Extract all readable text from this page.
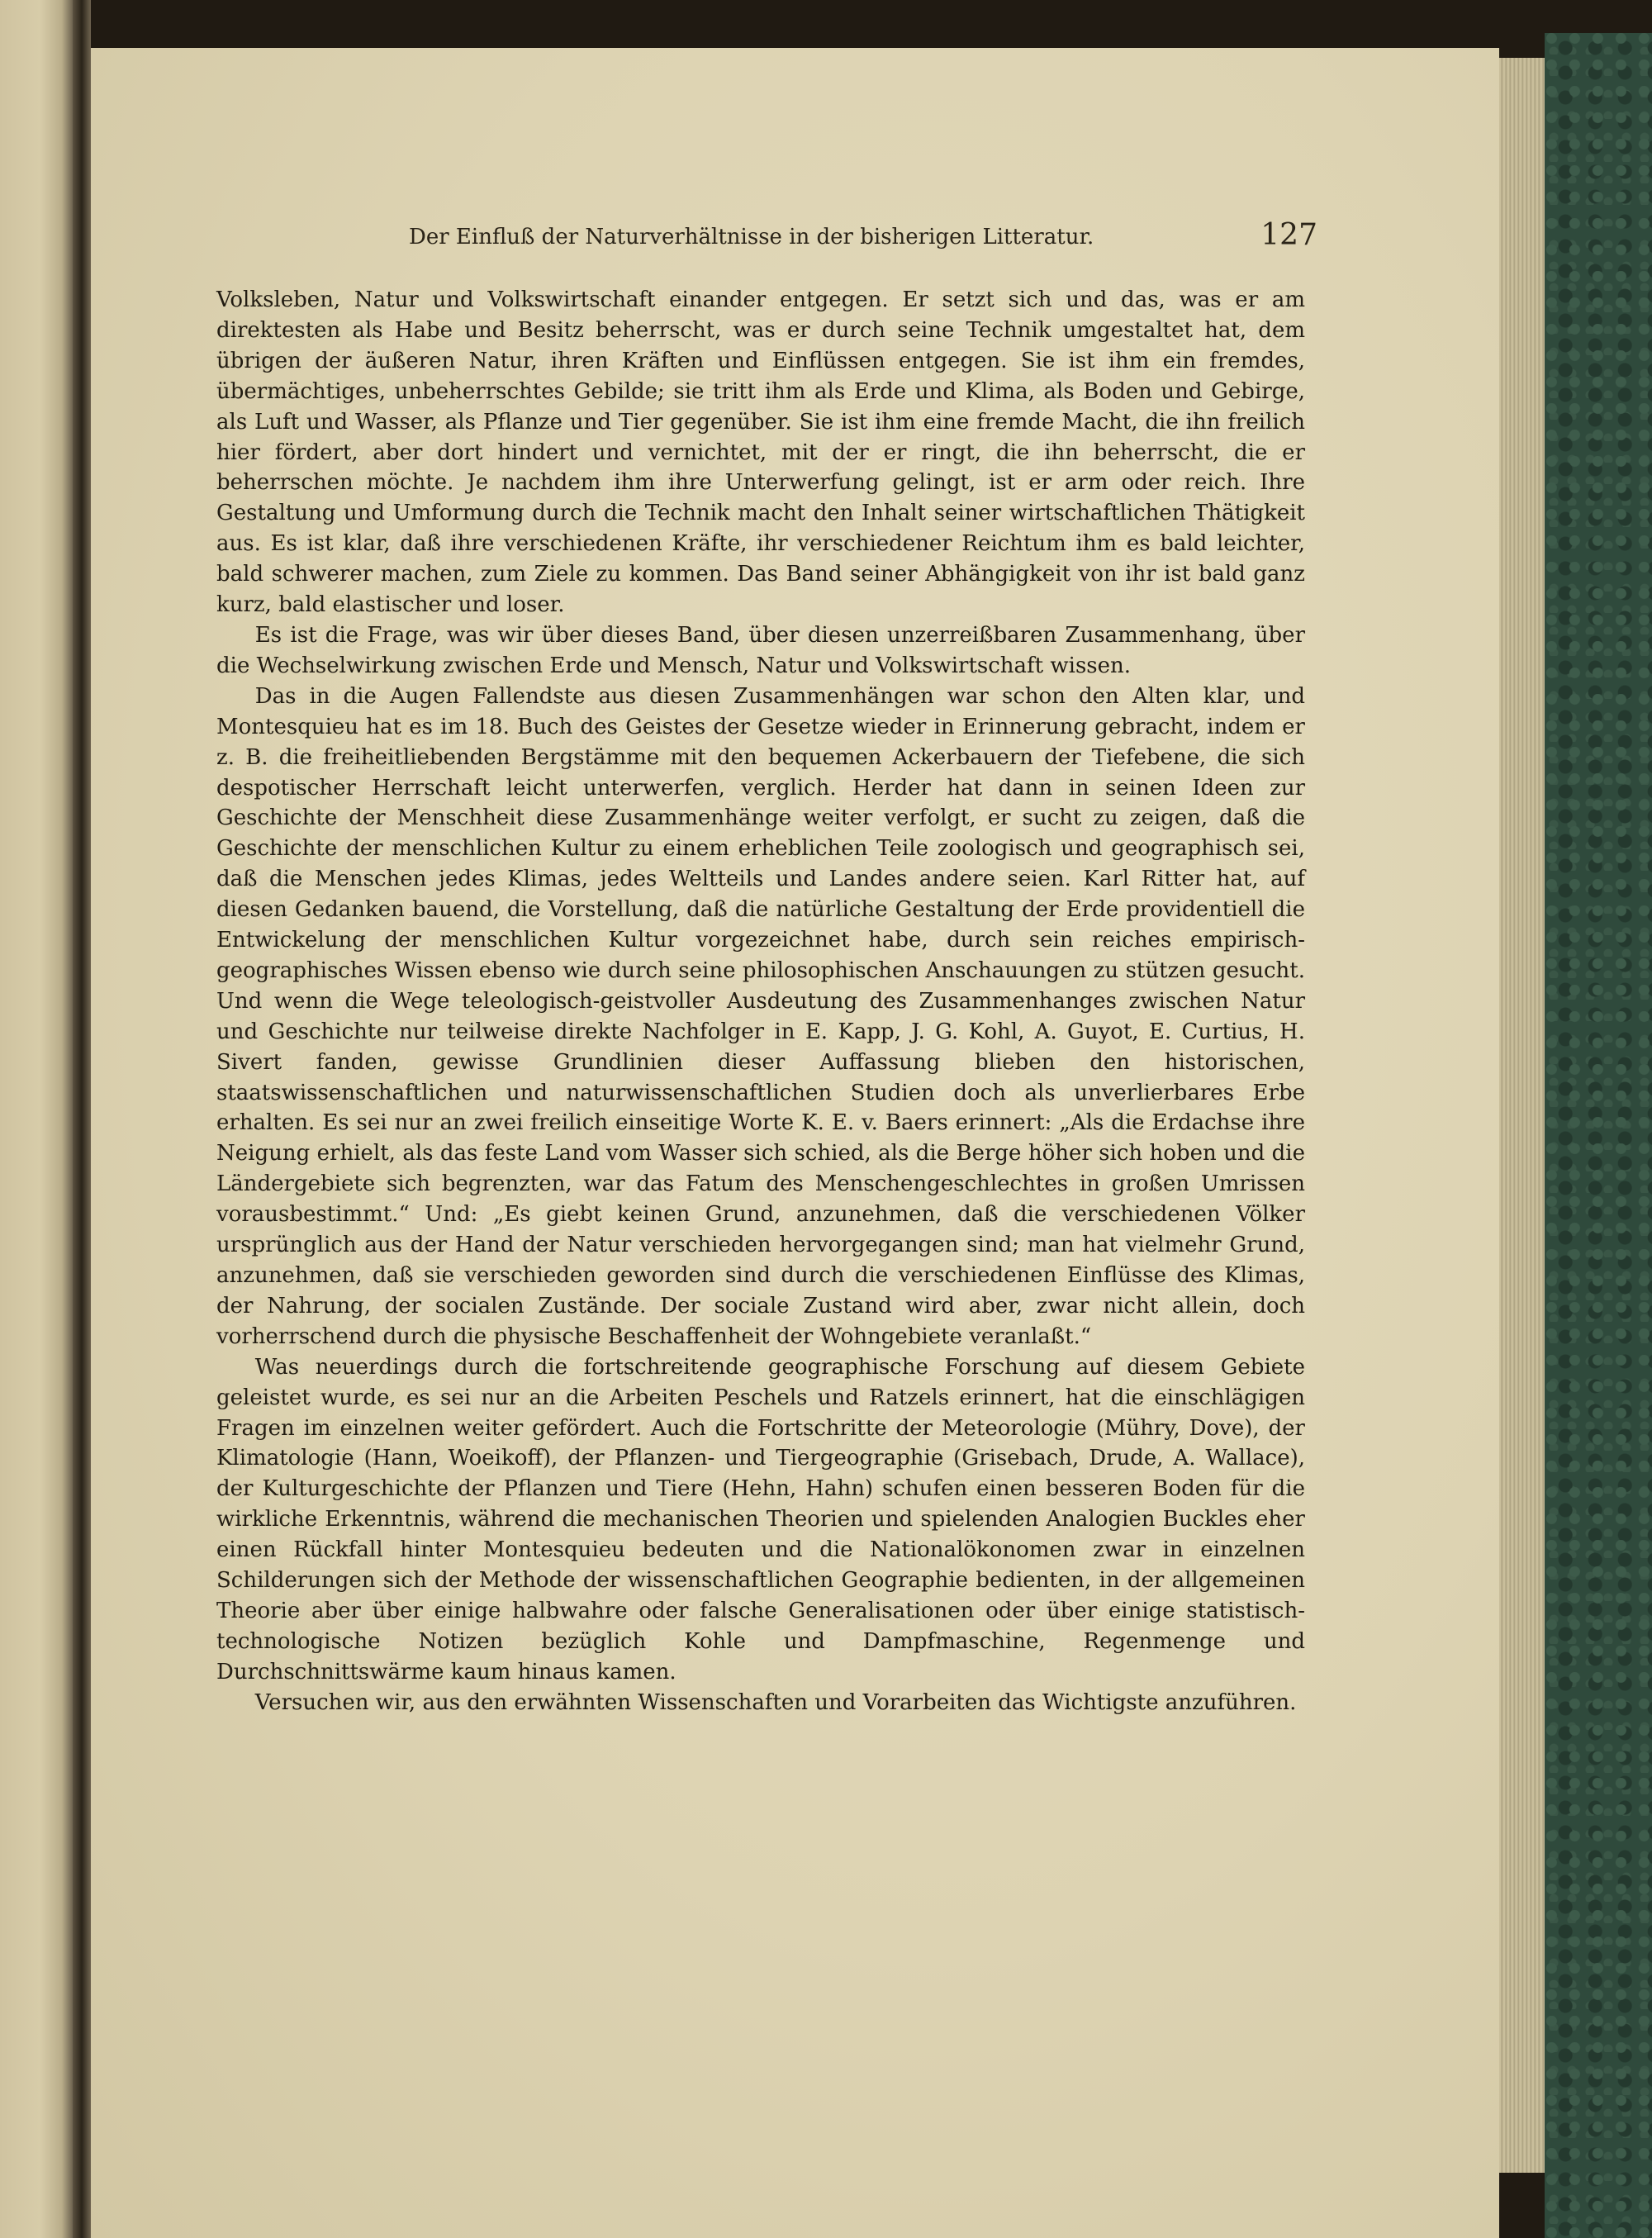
Der Einfluß der Naturverhältnisse in der bisherigen Litteratur.	127

Volksleben, Natur und Volkswirtschaft einander entgegen. Er setzt sich und das, was er am direktesten als Habe und Besitz beherrscht, was er durch seine Technik umgestaltet hat, dem übrigen der äußeren Natur, ihren Kräften und Einflüssen entgegen. Sie ist ihm ein fremdes, übermächtiges, unbeherrschtes Gebilde; sie tritt ihm als Erde und Klima, als Boden und Gebirge, als Luft und Wasser, als Pflanze und Tier gegenüber. Sie ist ihm eine fremde Macht, die ihn freilich hier fördert, aber dort hindert und vernichtet, mit der er ringt, die ihn beherrscht, die er beherrschen möchte. Je nachdem ihm ihre Unterwerfung gelingt, ist er arm oder reich. Ihre Gestaltung und Umformung durch die Technik macht den Inhalt seiner wirtschaftlichen Thätigkeit aus. Es ist klar, daß ihre verschiedenen Kräfte, ihr verschiedener Reichtum ihm es bald leichter, bald schwerer machen, zum Ziele zu kommen. Das Band seiner Abhängigkeit von ihr ist bald ganz kurz, bald elastischer und loser.

Es ist die Frage, was wir über dieses Band, über diesen unzerreißbaren Zusammenhang, über die Wechselwirkung zwischen Erde und Mensch, Natur und Volkswirtschaft wissen.

Das in die Augen Fallendste aus diesen Zusammenhängen war schon den Alten klar, und Montesquieu hat es im 18. Buch des Geistes der Gesetze wieder in Erinnerung gebracht, indem er z. B. die freiheitliebenden Bergstämme mit den bequemen Ackerbauern der Tiefebene, die sich despotischer Herrschaft leicht unterwerfen, verglich. Herder hat dann in seinen Ideen zur Geschichte der Menschheit diese Zusammenhänge weiter verfolgt, er sucht zu zeigen, daß die Geschichte der menschlichen Kultur zu einem erheblichen Teile zoologisch und geographisch sei, daß die Menschen jedes Klimas, jedes Weltteils und Landes andere seien. Karl Ritter hat, auf diesen Gedanken bauend, die Vorstellung, daß die natürliche Gestaltung der Erde providentiell die Entwickelung der menschlichen Kultur vorgezeichnet habe, durch sein reiches empirisch-geographisches Wissen ebenso wie durch seine philosophischen Anschauungen zu stützen gesucht. Und wenn die Wege teleologisch-geistvoller Ausdeutung des Zusammenhanges zwischen Natur und Geschichte nur teilweise direkte Nachfolger in E. Kapp, J. G. Kohl, A. Guyot, E. Curtius, H. Sivert fanden, gewisse Grundlinien dieser Auffassung blieben den historischen, staatswissenschaftlichen und naturwissenschaftlichen Studien doch als unverlierbares Erbe erhalten. Es sei nur an zwei freilich einseitige Worte K. E. v. Baers erinnert: „Als die Erdachse ihre Neigung erhielt, als das feste Land vom Wasser sich schied, als die Berge höher sich hoben und die Ländergebiete sich begrenzten, war das Fatum des Menschengeschlechtes in großen Umrissen vorausbestimmt.“ Und: „Es giebt keinen Grund, anzunehmen, daß die verschiedenen Völker ursprünglich aus der Hand der Natur verschieden hervorgegangen sind; man hat vielmehr Grund, anzunehmen, daß sie verschieden geworden sind durch die verschiedenen Einflüsse des Klimas, der Nahrung, der socialen Zustände. Der sociale Zustand wird aber, zwar nicht allein, doch vorherrschend durch die physische Beschaffenheit der Wohngebiete veranlaßt.“

Was neuerdings durch die fortschreitende geographische Forschung auf diesem Gebiete geleistet wurde, es sei nur an die Arbeiten Peschels und Ratzels erinnert, hat die einschlägigen Fragen im einzelnen weiter gefördert. Auch die Fortschritte der Meteorologie (Mühry, Dove), der Klimatologie (Hann, Woeikoff), der Pflanzen- und Tiergeographie (Grisebach, Drude, A. Wallace), der Kulturgeschichte der Pflanzen und Tiere (Hehn, Hahn) schufen einen besseren Boden für die wirkliche Erkenntnis, während die mechanischen Theorien und spielenden Analogien Buckles eher einen Rückfall hinter Montesquieu bedeuten und die Nationalökonomen zwar in einzelnen Schilderungen sich der Methode der wissenschaftlichen Geographie bedienten, in der allgemeinen Theorie aber über einige halbwahre oder falsche Generalisationen oder über einige statistisch-technologische Notizen bezüglich Kohle und Dampfmaschine, Regenmenge und Durchschnittswärme kaum hinaus kamen.

Versuchen wir, aus den erwähnten Wissenschaften und Vorarbeiten das Wichtigste anzuführen.
